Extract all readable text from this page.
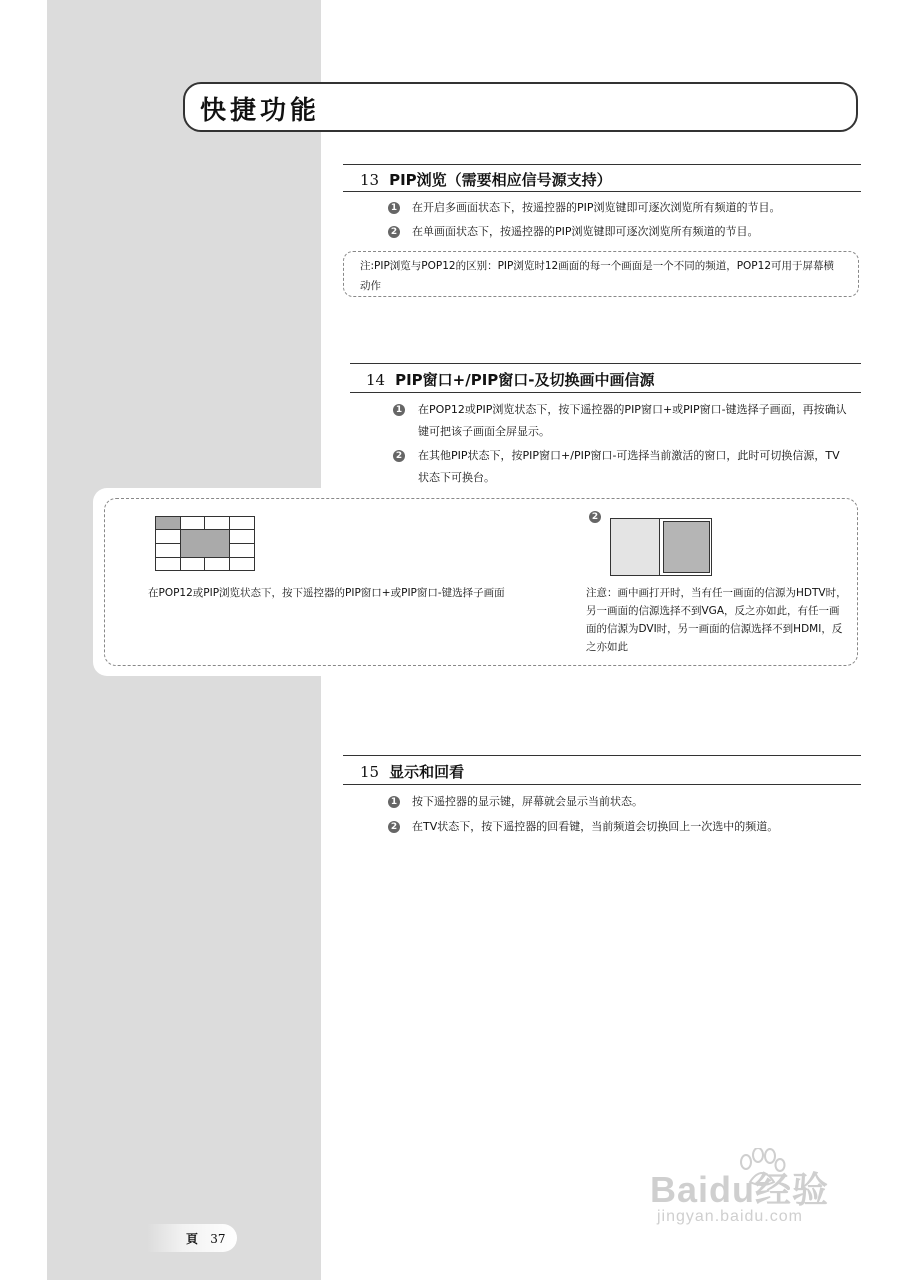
快捷功能
13 PIP浏览（需要相应信号源支持）
1 在开启多画面状态下，按遥控器的PIP浏览键即可逐次浏览所有频道的节目。
2 在单画面状态下，按遥控器的PIP浏览键即可逐次浏览所有频道的节目。
注:PIP浏览与POP12的区别：PIP浏览时12画面的每一个画面是一个不同的频道，POP12可用于屏幕横动作
14 PIP窗口+/PIP窗口-及切换画中画信源
1 在POP12或PIP浏览状态下，按下遥控器的PIP窗口+或PIP窗口-键选择子画面，再按确认键可把该子画面全屏显示。
2 在其他PIP状态下，按PIP窗口+/PIP窗口-可选择当前激活的窗口，此时可切换信源，TV状态下可换台。
在POP12或PIP浏览状态下，按下遥控器的PIP窗口+或PIP窗口-键选择子画面
2
注意：画中画打开时，当有任一画面的信源为HDTV时，另一画面的信源选择不到VGA，反之亦如此，有任一画面的信源为DVI时，另一画面的信源选择不到HDMI，反之亦如此
15 显示和回看
1 按下遥控器的显示键，屏幕就会显示当前状态。
2 在TV状态下，按下遥控器的回看键，当前频道会切换回上一次选中的频道。
頁 37
Baidu经验
jingyan.baidu.com
